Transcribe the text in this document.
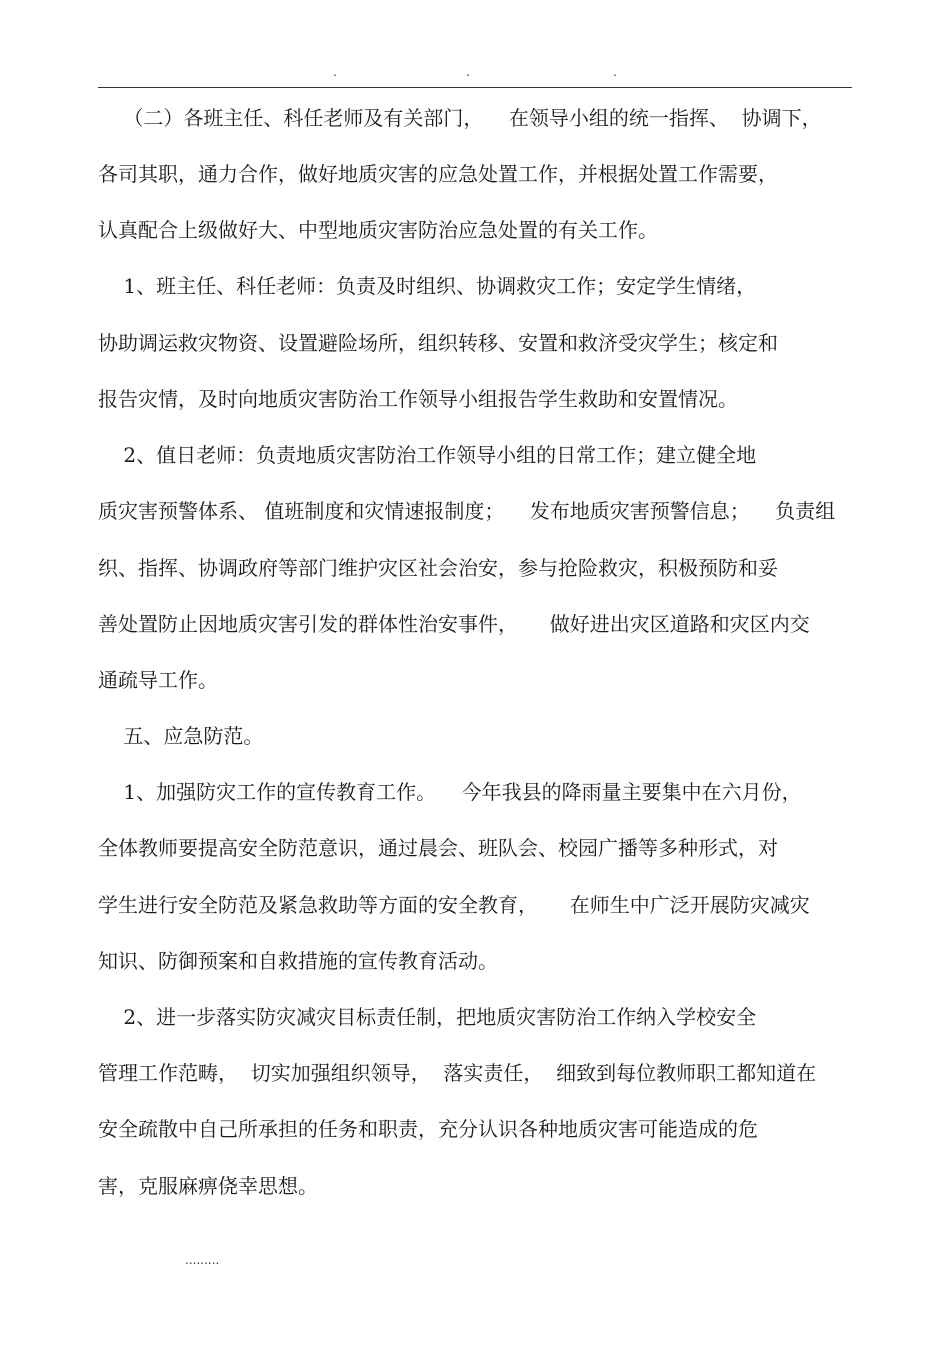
.	.	.
（二）各班主任、科任老师及有关部门，    在领导小组的统一指挥、  协调下，
各司其职，通力合作，做好地质灾害的应急处置工作，并根据处置工作需要，
认真配合上级做好大、中型地质灾害防治应急处置的有关工作。
1、班主任、科任老师：负责及时组织、协调救灾工作；安定学生情绪，
协助调运救灾物资、设置避险场所，组织转移、安置和救济受灾学生；核定和
报告灾情，及时向地质灾害防治工作领导小组报告学生救助和安置情况。
2、值日老师：负责地质灾害防治工作领导小组的日常工作；建立健全地
质灾害预警体系、 值班制度和灾情速报制度；    发布地质灾害预警信息；    负责组
织、指挥、协调政府等部门维护灾区社会治安，参与抢险救灾，积极预防和妥
善处置防止因地质灾害引发的群体性治安事件，     做好进出灾区道路和灾区内交
通疏导工作。
五、应急防范。
1、加强防灾工作的宣传教育工作。    今年我县的降雨量主要集中在六月份，
全体教师要提高安全防范意识，通过晨会、班队会、校园广播等多种形式，对
学生进行安全防范及紧急救助等方面的安全教育，     在师生中广泛开展防灾减灾
知识、防御预案和自救措施的宣传教育活动。
2、进一步落实防灾减灾目标责任制，把地质灾害防治工作纳入学校安全
管理工作范畴，  切实加强组织领导，  落实责任，  细致到每位教师职工都知道在
安全疏散中自己所承担的任务和职责，充分认识各种地质灾害可能造成的危
害，克服麻痹侥幸思想。
.........
